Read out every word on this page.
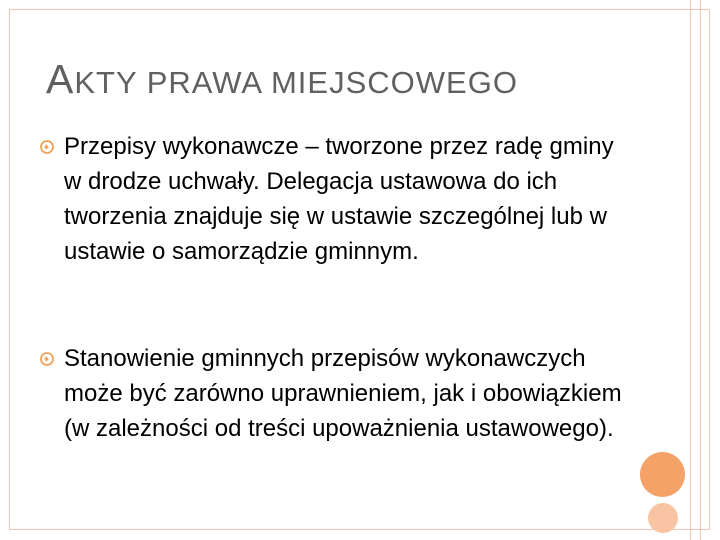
AKTY PRAWA MIEJSCOWEGO
Przepisy wykonawcze – tworzone przez radę gminy w drodze uchwały. Delegacja ustawowa do ich tworzenia znajduje się w ustawie szczególnej lub w ustawie o samorządzie gminnym.
Stanowienie gminnych przepisów wykonawczych może być zarówno uprawnieniem, jak i obowiązkiem (w zależności od treści upoważnienia ustawowego).
